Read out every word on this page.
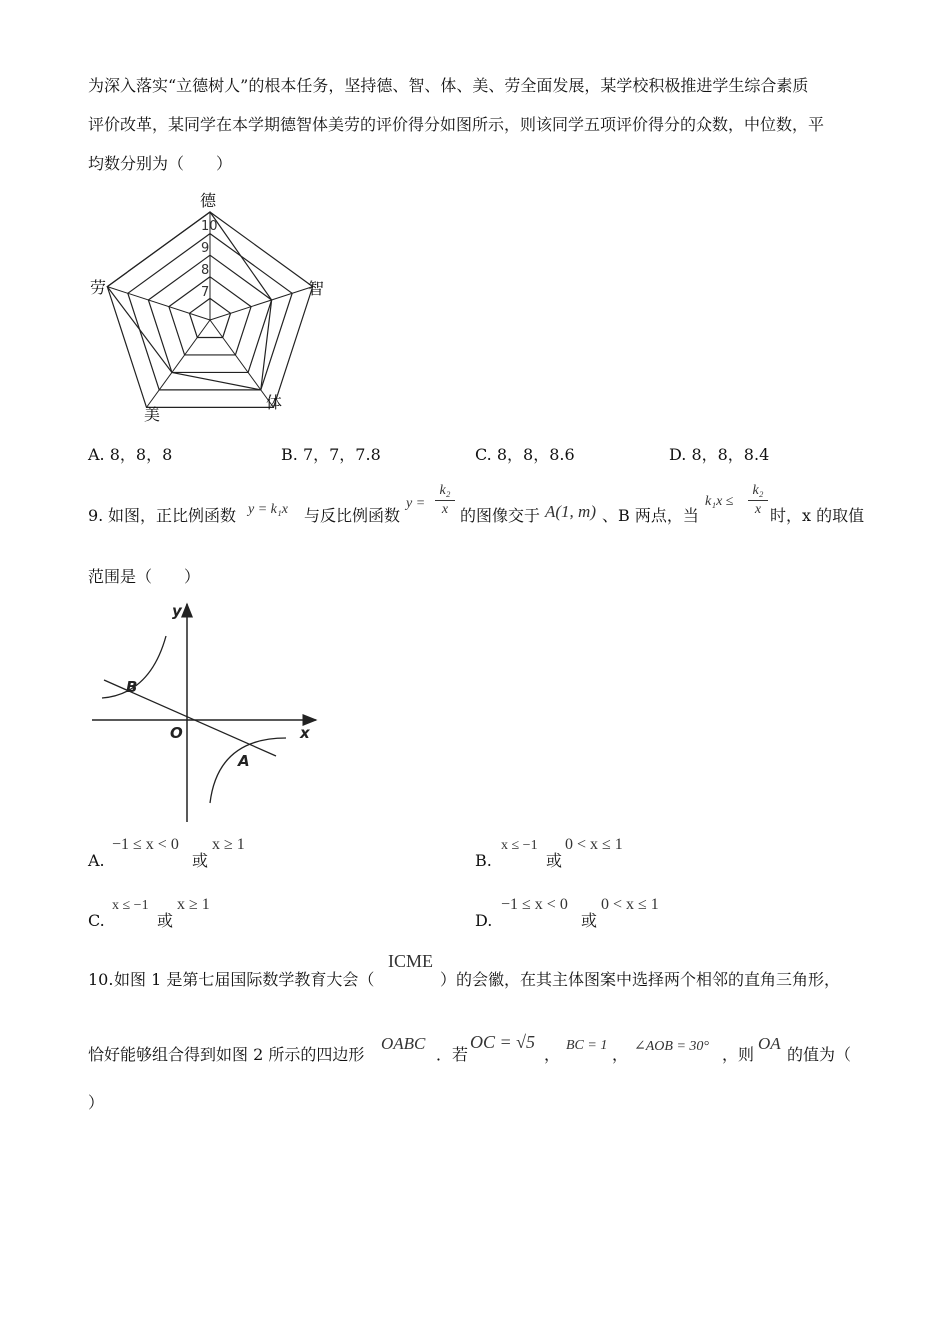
为深入落实“立德树人”的根本任务，坚持德、智、体、美、劳全面发展，某学校积极推进学生综合素质
评价改革，某同学在本学期德智体美劳的评价得分如图所示，则该同学五项评价得分的众数，中位数，平
均数分别为（　　）
10
9
8
7
德
智
体
美
劳
A. 8，8，8	B. 7，7，7.8	C. 8，8，8.6	D. 8，8，8.4
9. 如图，正比例函数 y = k₁x 与反比例函数
y =
k₂
x 的图像交于 A(1, m) 、B 两点，当
k₁x ≤
k₂
x 时，x 的取值
范围是（　　）
y
x
O
B
A
A.
−1 ≤ x < 0
或
x ≥ 1
B.
x ≤ −1
或
0 < x ≤ 1
C.
x ≤ −1
或
x ≥ 1
D.
−1 ≤ x < 0
或
0 < x ≤ 1
10. 如图 1 是第七届国际数学教育大会（
ICME
）的会徽，在其主体图案中选择两个相邻的直角三角形，
恰好能够组合得到如图 2 所示的四边形
OABC
．若
OC = √5
， BC = 1 ， ∠AOB = 30° ，则
OA
的值为（
）
